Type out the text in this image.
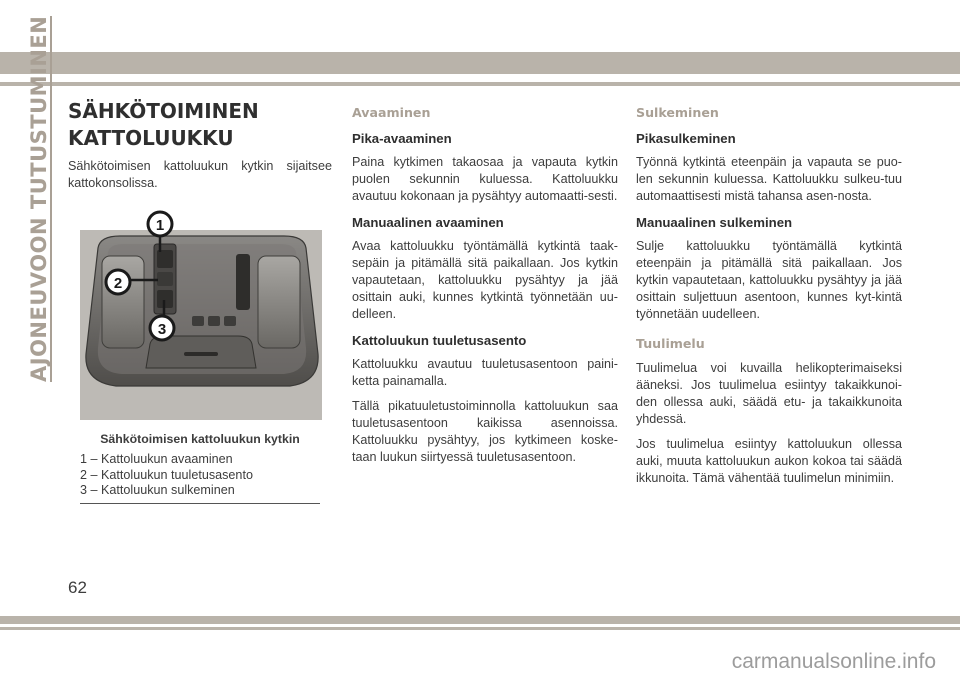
AJONEUVOON TUTUSTUMINEN SÄHKÖTOIMINEN
KATTOLUUKKU

Sähkötoimisen kattoluukun kytkin sijaitsee kattokonsolissa.

1
2
3
Sähkötoimisen kattoluukun kytkin
1 – Kattoluukun avaaminen
2 – Kattoluukun tuuletusasento
3 – Kattoluukun sulkeminen
Avaaminen
Pika-avaaminen

Paina kytkimen takaosaa ja vapauta kytkin puolen sekunnin kuluessa. Kattoluukku avautuu kokonaan ja pysähtyy automaatti-sesti.

Manuaalinen avaaminen

Avaa kattoluukku työntämällä kytkintä taak-sepäin ja pitämällä sitä paikallaan. Jos kytkin vapautetaan, kattoluukku pysähtyy ja jää osittain auki, kunnes kytkintä työnnetään uu-delleen.

Kattoluukun tuuletusasento

Kattoluukku avautuu tuuletusasentoon paini-ketta painamalla.

Tällä pikatuuletustoiminnolla kattoluukun saa tuuletusasentoon kaikissa asennoissa. Kattoluukku pysähtyy, jos kytkimeen koske-taan luukun siirtyessä tuuletusasentoon.

Sulkeminen
Pikasulkeminen

Työnnä kytkintä eteenpäin ja vapauta se puo-len sekunnin kuluessa. Kattoluukku sulkeu-tuu automaattisesti mistä tahansa asen-nosta.

Manuaalinen sulkeminen

Sulje kattoluukku työntämällä kytkintä eteenpäin ja pitämällä sitä paikallaan. Jos kytkin vapautetaan, kattoluukku pysähtyy ja jää osittain suljettuun asentoon, kunnes kyt-kintä työnnetään uudelleen.

Tuulimelu

Tuulimelua voi kuvailla helikopterimaiseksi ääneksi. Jos tuulimelua esiintyy takaikkunoi-den ollessa auki, säädä etu- ja takaikkunoita yhdessä.

Jos tuulimelua esiintyy kattoluukun ollessa auki, muuta kattoluukun aukon kokoa tai säädä ikkunoita. Tämä vähentää tuulimelun minimiin.

62
carmanualsonline.info
